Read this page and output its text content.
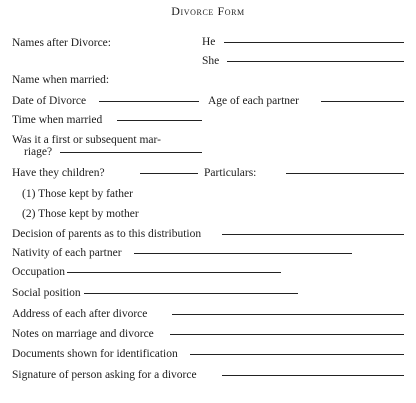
Divorce Form
Names after Divorce:	He
She
Name when married:
Date of Divorce	Age of each partner
Time when married
Was it a first or subsequent mar-
riage?
Have they children?	Particulars:
(1) Those kept by father
(2) Those kept by mother
Decision of parents as to this distribution
Nativity of each partner
Occupation
Social position
Address of each after divorce
Notes on marriage and divorce
Documents shown for identification
Signature of person asking for a divorce
